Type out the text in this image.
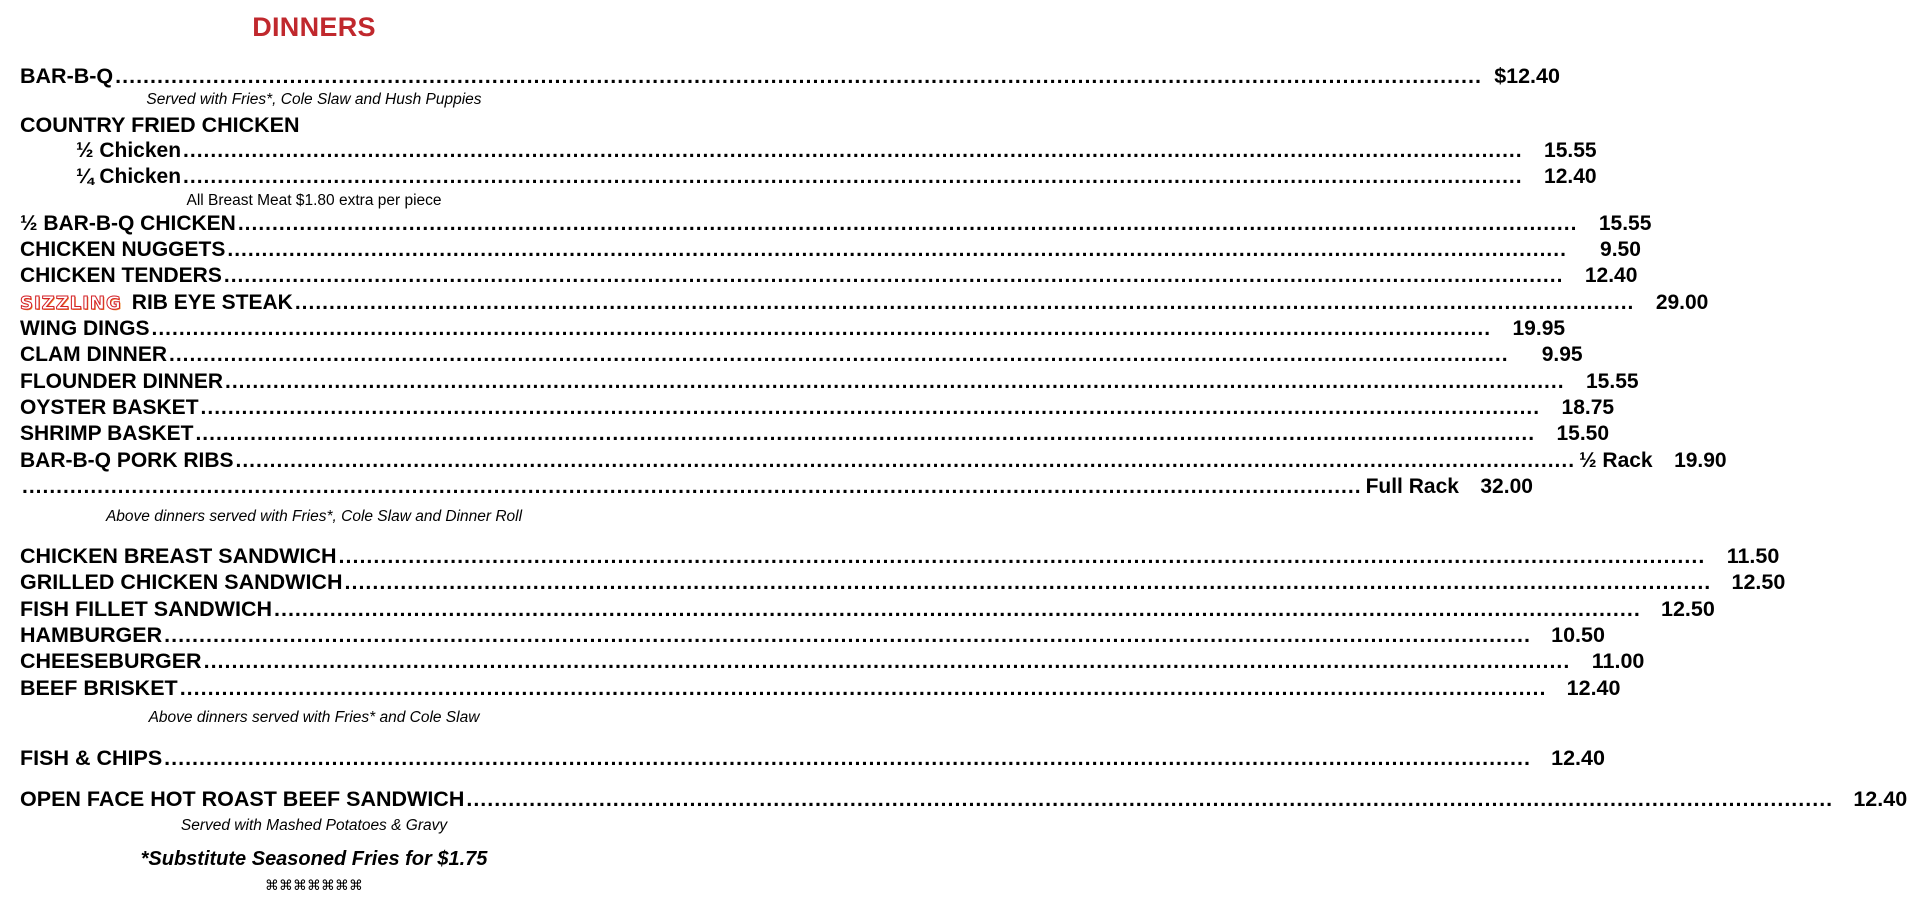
DINNERS
BAR-B-Q .....	$12.40
Served with Fries*, Cole Slaw and Hush Puppies
COUNTRY FRIED CHICKEN
½ Chicken .....	15.55
¼ Chicken .....	12.40
All Breast Meat $1.80 extra per piece
½ BAR-B-Q CHICKEN .....	15.55
CHICKEN NUGGETS .....	9.50
CHICKEN TENDERS .....	12.40
SIZZLING RIB EYE STEAK .....	29.00
WING DINGS .....	19.95
CLAM DINNER .....	9.95
FLOUNDER DINNER .....	15.55
OYSTER BASKET .....	18.75
SHRIMP BASKET .....	15.50
BAR-B-Q PORK RIBS .....	½ Rack	19.90
.....
Full Rack	32.00
Above dinners served with Fries*, Cole Slaw and Dinner Roll
CHICKEN BREAST SANDWICH .....	11.50
GRILLED CHICKEN SANDWICH .....	12.50
FISH FILLET SANDWICH .....	12.50
HAMBURGER .....	10.50
CHEESEBURGER .....	11.00
BEEF BRISKET .....	12.40
Above dinners served with Fries* and Cole Slaw
FISH & CHIPS .....	12.40
OPEN FACE HOT ROAST BEEF SANDWICH .....	12.40
Served with Mashed Potatoes & Gravy
*Substitute Seasoned Fries for $1.75
⌘⌘⌘⌘⌘⌘⌘
